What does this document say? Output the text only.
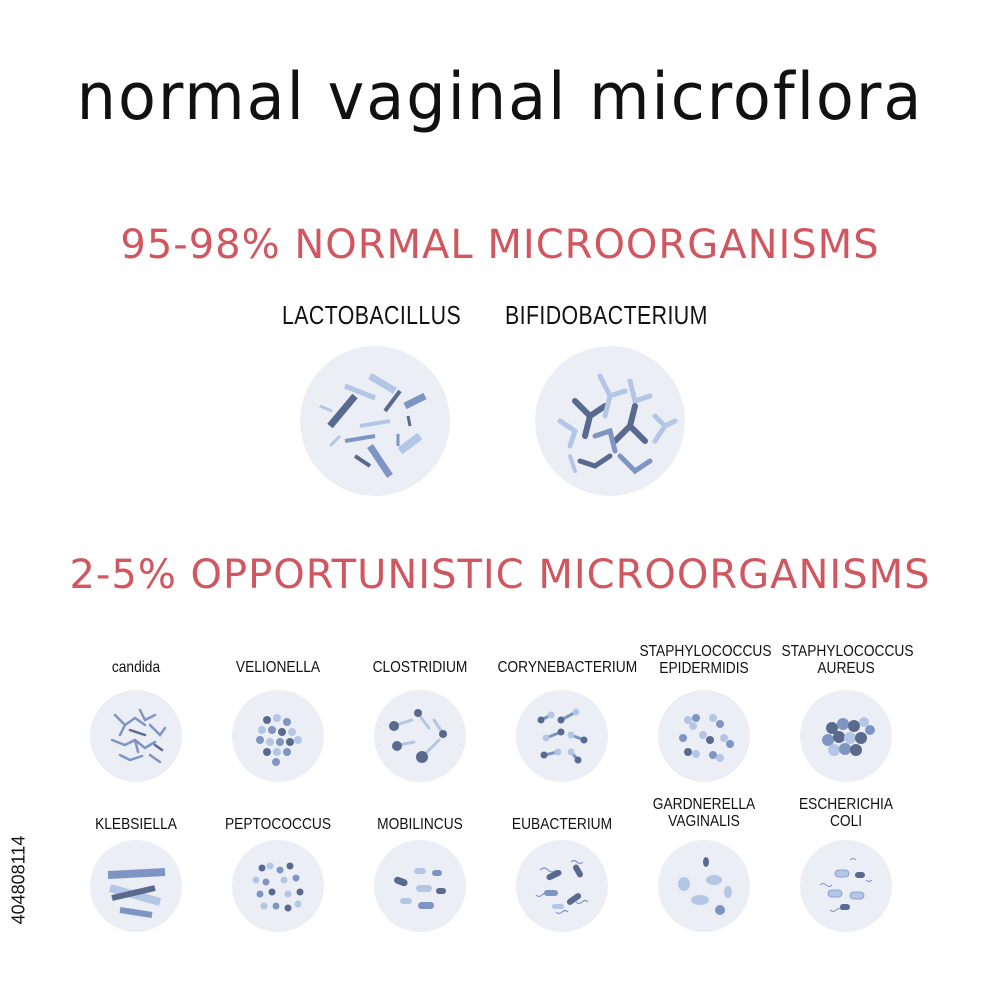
normal vaginal microflora
95-98% NORMAL MICROORGANISMS
LACTOBACILLUS BIFIDOBACTERIUM
2-5% OPPORTUNISTIC MICROORGANISMS
candida	VELIONELLA	CLOSTRIDIUM	CORYNEBACTERIUM
STAPHYLOCOCCUS
EPIDERMIDIS
STAPHYLOCOCCUS
AUREUS
KLEBSIELLA	PEPTOCOCCUS	MOBILINCUS	EUBACTERIUM
GARDNERELLA
VAGINALIS
ESCHERICHIA
COLI
404808114
